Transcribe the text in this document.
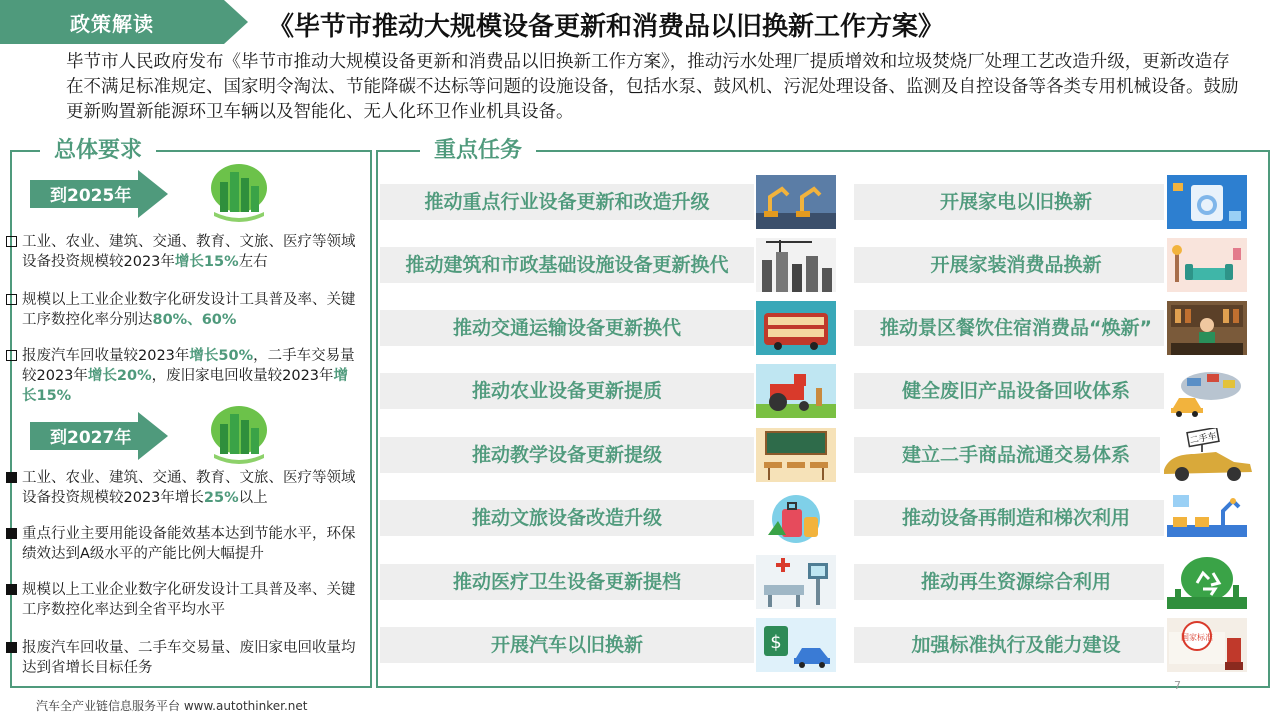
政策解读	《毕节市推动大规模设备更新和消费品以旧换新工作方案》
毕节市人民政府发布《毕节市推动大规模设备更新和消费品以旧换新工作方案》，推动污水处理厂提质增效和垃圾焚烧厂处理工艺改造升级，更新改造存在不满足标准规定、国家明令淘汰、节能降碳不达标等问题的设施设备，包括水泵、鼓风机、污泥处理设备、监测及自控设备等各类专用机械设备。鼓励更新购置新能源环卫车辆以及智能化、无人化环卫作业机具设备。
总体要求
到2025年
工业、农业、建筑、交通、教育、文旅、医疗等领域设备投资规模较2023年增长15%左右
规模以上工业企业数字化研发设计工具普及率、关键工序数控化率分别达80%、60%
报废汽车回收量较2023年增长50%，二手车交易量较2023年增长20%，废旧家电回收量较2023年增长15%
到2027年
工业、农业、建筑、交通、教育、文旅、医疗等领域设备投资规模较2023年增长25%以上
重点行业主要用能设备能效基本达到节能水平，环保绩效达到A级水平的产能比例大幅提升
规模以上工业企业数字化研发设计工具普及率、关键工序数控化率达到全省平均水平
报废汽车回收量、二手车交易量、废旧家电回收量均达到省增长目标任务
重点任务
推动重点行业设备更新和改造升级
推动建筑和市政基础设施设备更新换代
推动交通运输设备更新换代
推动农业设备更新提质
推动教学设备更新提级
推动文旅设备改造升级
推动医疗卫生设备更新提档
开展汽车以旧换新	$
开展家电以旧换新
开展家装消费品换新
推动景区餐饮住宿消费品“焕新”
健全废旧产品设备回收体系
建立二手商品流通交易体系
二手车
推动设备再制造和梯次利用
推动再生资源综合利用
加强标准执行及能力建设	国家标准
汽车全产业链信息服务平台 www.autothinker.net
7
